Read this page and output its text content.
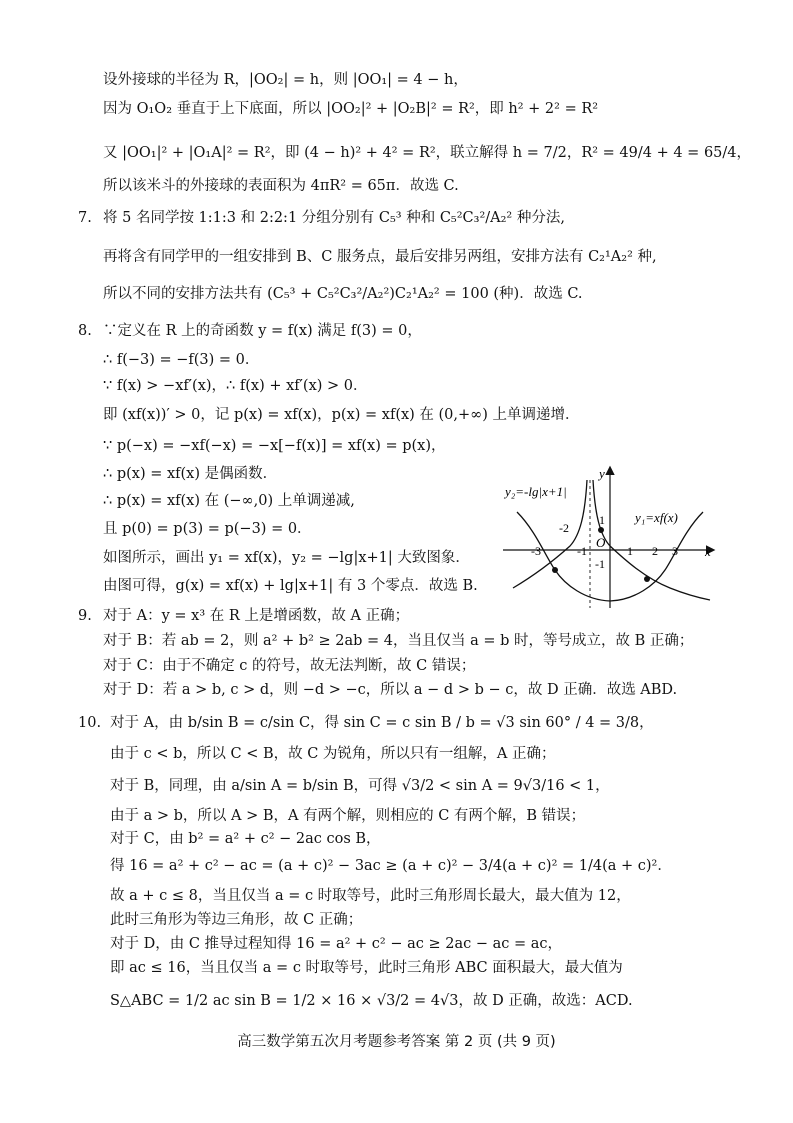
设外接球的半径为 R，|OO₂| = h，则 |OO₁| = 4 − h，
因为 O₁O₂ 垂直于上下底面，所以 |OO₂|² + |O₂B|² = R²，即 h² + 2² = R²
又 |OO₁|² + |O₁A|² = R²，即 (4 − h)² + 4² = R²，联立解得 h = 7/2，R² = 49/4 + 4 = 65/4，
所以该米斗的外接球的表面积为 4πR² = 65π．故选 C.
7. 将 5 名同学按 1:1:3 和 2:2:1 分组分别有 C₅³ 种和 C₅²C₃²/A₂² 种分法,
再将含有同学甲的一组安排到 B、C 服务点，最后安排另两组，安排方法有 C₂¹A₂² 种,
所以不同的安排方法共有 (C₅³ + C₅²C₃²/A₂²)C₂¹A₂² = 100 (种)．故选 C.
8. ∵定义在 R 上的奇函数 y = f(x) 满足 f(3) = 0，
∴ f(−3) = −f(3) = 0．
∵ f(x) > −xf′(x)，∴ f(x) + xf′(x) > 0．
即 (xf(x))′ > 0，记 p(x) = xf(x)，p(x) = xf(x) 在 (0,+∞) 上单调递增．
∵ p(−x) = −xf(−x) = −x[−f(x)] = xf(x) = p(x)，
∴ p(x) = xf(x) 是偶函数．
∴ p(x) = xf(x) 在 (−∞,0) 上单调递减,
且 p(0) = p(3) = p(−3) = 0．
如图所示，画出 y₁ = xf(x)，y₂ = −lg|x+1| 大致图象．
由图可得，g(x) = xf(x) + lg|x+1| 有 3 个零点．故选 B.
y₂=-lg|x+1|
y₁=xf(x)
x
y
O
-3
-2
-1	1 2 3
1
-1
9. 对于 A：y = x³ 在 R 上是增函数，故 A 正确；
对于 B：若 ab = 2，则 a² + b² ≥ 2ab = 4，当且仅当 a = b 时，等号成立，故 B 正确；
对于 C：由于不确定 c 的符号，故无法判断，故 C 错误；
对于 D：若 a > b, c > d，则 −d > −c，所以 a − d > b − c，故 D 正确．故选 ABD.
10. 对于 A，由 b/sin B = c/sin C，得 sin C = c sin B / b = √3 sin 60° / 4 = 3/8，
由于 c < b，所以 C < B，故 C 为锐角，所以只有一组解，A 正确；
对于 B，同理，由 a/sin A = b/sin B，可得 √3/2 < sin A = 9√3/16 < 1，
由于 a > b，所以 A > B，A 有两个解，则相应的 C 有两个解，B 错误；
对于 C，由 b² = a² + c² − 2ac cos B，
得 16 = a² + c² − ac = (a + c)² − 3ac ≥ (a + c)² − 3/4(a + c)² = 1/4(a + c)²．
故 a + c ≤ 8，当且仅当 a = c 时取等号，此时三角形周长最大，最大值为 12，
此时三角形为等边三角形，故 C 正确；
对于 D，由 C 推导过程知得 16 = a² + c² − ac ≥ 2ac − ac = ac，
即 ac ≤ 16，当且仅当 a = c 时取等号，此时三角形 ABC 面积最大，最大值为
S△ABC = 1/2 ac sin B = 1/2 × 16 × √3/2 = 4√3，故 D 正确，故选：ACD.
高三数学第五次月考题参考答案 第 2 页 (共 9 页)
